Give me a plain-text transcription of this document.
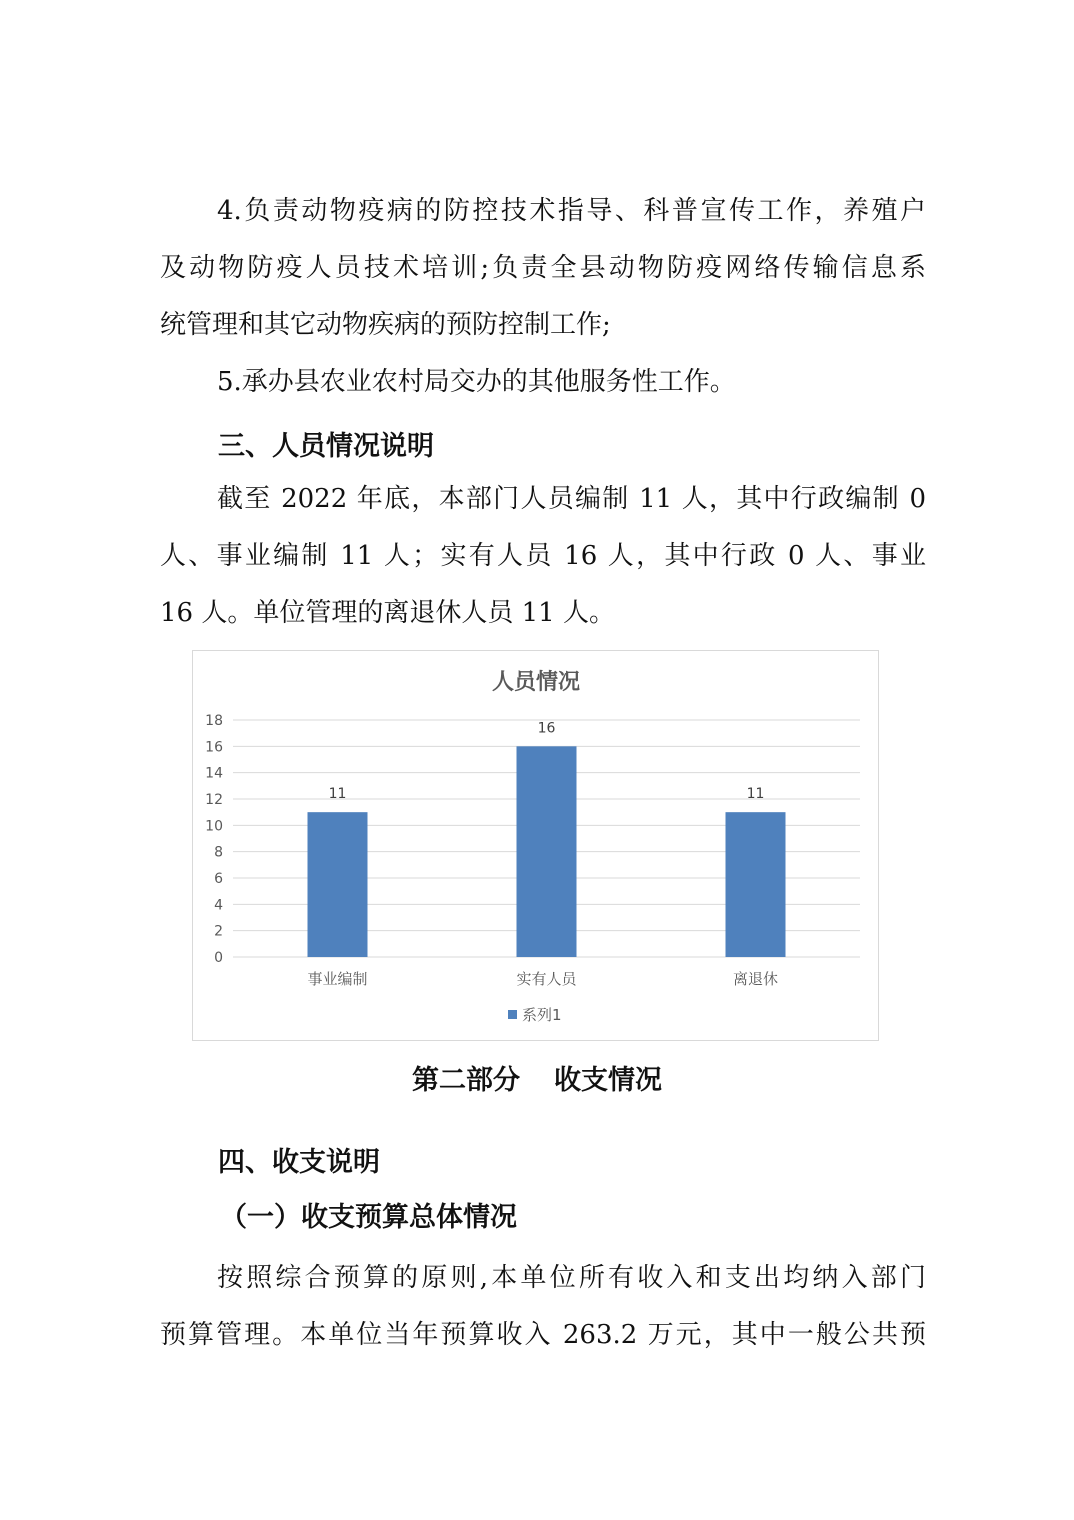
4.负责动物疫病的防控技术指导、科普宣传工作，养殖户

及动物防疫人员技术培训;负责全县动物防疫网络传输信息系

统管理和其它动物疾病的预防控制工作;

5.承办县农业农村局交办的其他服务性工作。

三、人员情况说明

截至 2022 年底，本部门人员编制 11 人，其中行政编制 0

人、事业编制 11 人；实有人员 16 人，其中行政 0 人、事业

16 人。单位管理的离退休人员 11 人。

人员情况
0
2
4
6
8
10
12
14
16
18
11
事业编制
16
实有人员
11
离退休
系列1
第二部分 收支情况
四、收支说明
（一）收支预算总体情况

按照综合预算的原则,本单位所有收入和支出均纳入部门

预算管理。本单位当年预算收入 263.2 万元，其中一般公共预
